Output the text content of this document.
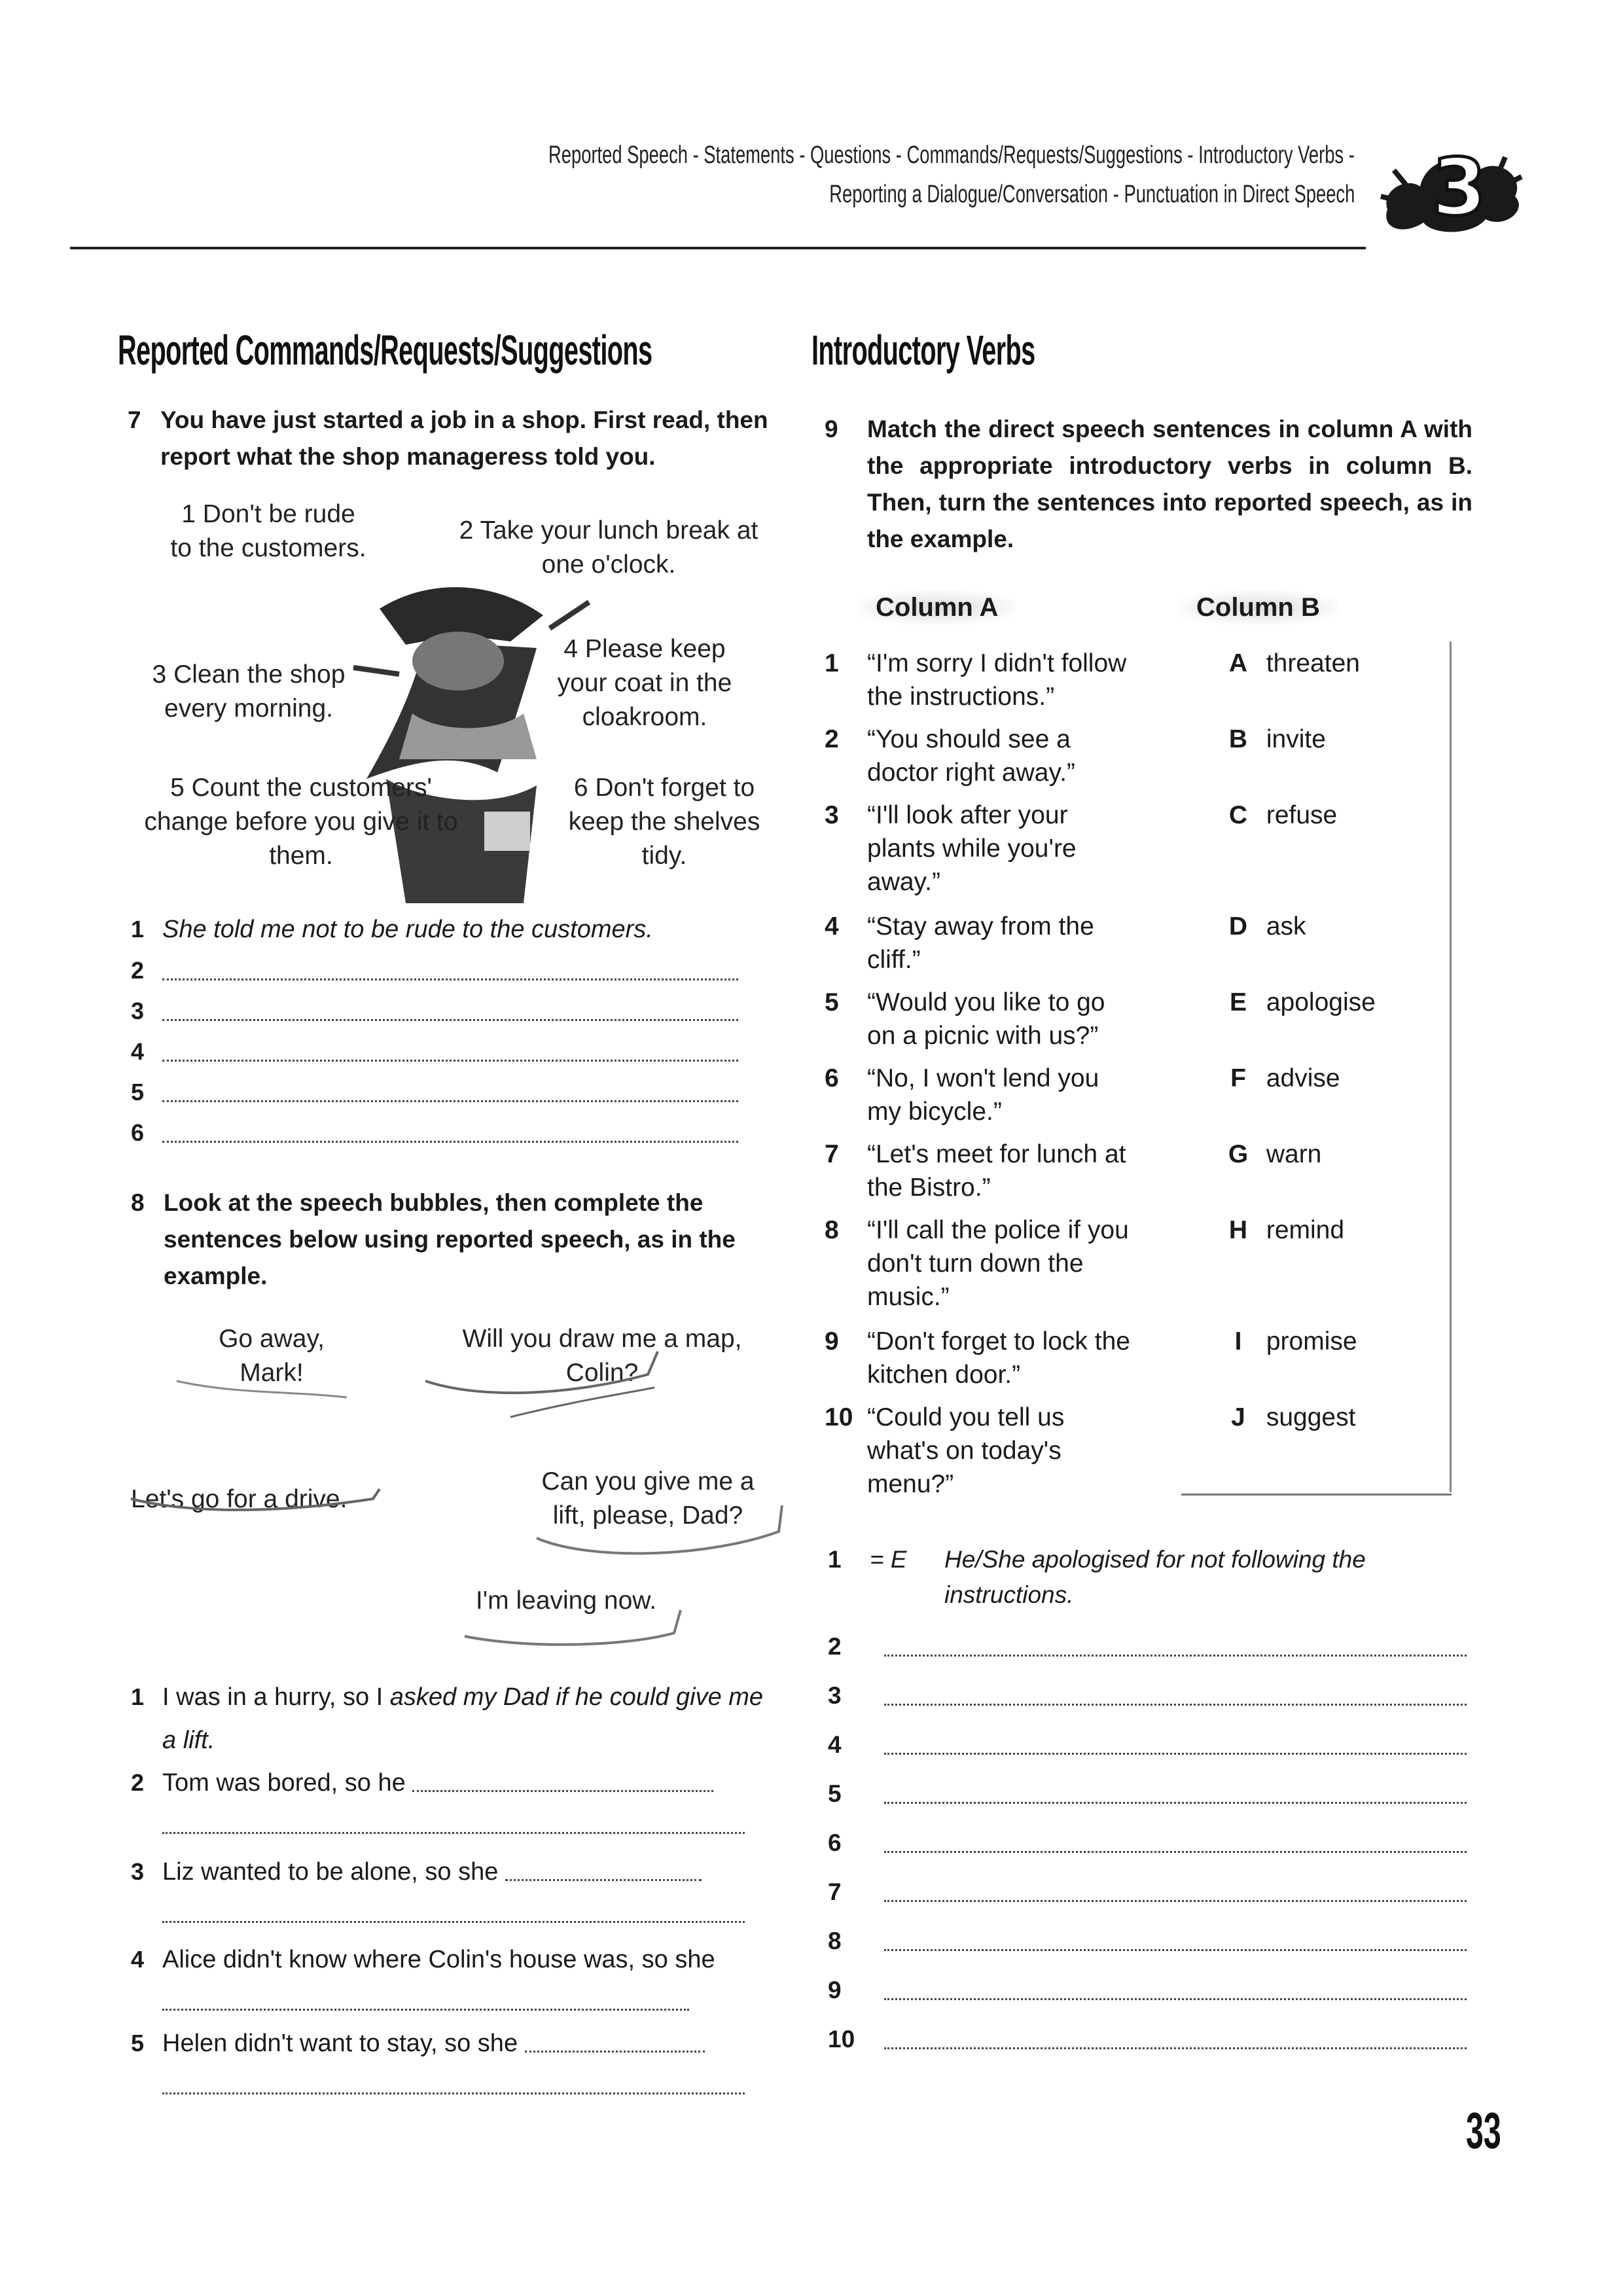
Reported Speech - Statements - Questions - Commands/Requests/Suggestions - Introductory Verbs -
Reporting a Dialogue/Conversation - Punctuation in Direct Speech 3
Reported Commands/Requests/Suggestions
7 You have just started a job in a shop. First read, then report what the shop manageress told you.
1 Don't be rude to the customers.
2 Take your lunch break at one o'clock.
3 Clean the shop every morning.
4 Please keep your coat in the cloakroom.
5 Count the customers' change before you give it to them.
6 Don't forget to keep the shelves tidy.
1 She told me not to be rude to the customers.
2
3
4
5
6
8 Look at the speech bubbles, then complete the sentences below using reported speech, as in the example.
Go away, Mark!
Will you draw me a map, Colin?
Let's go for a drive.
Can you give me a lift, please, Dad?
I'm leaving now.
1 I was in a hurry, so I asked my Dad if he could give me a lift.
2 Tom was bored, so he

3 Liz wanted to be alone, so she

4 Alice didn't know where Colin's house was, so she
5 Helen didn't want to stay, so she

Introductory Verbs
9 Match the direct speech sentences in column A with the appropriate introductory verbs in column B. Then, turn the sentences into reported speech, as in the example.
Column A	Column B
1 “I'm sorry I didn't follow the instructions.”
2 “You should see a doctor right away.”
3 “I'll look after your plants while you're away.”
4 “Stay away from the cliff.”
5 “Would you like to go on a picnic with us?”
6 “No, I won't lend you my bicycle.”
7 “Let's meet for lunch at the Bistro.”
8 “I'll call the police if you don't turn down the music.”
9 “Don't forget to lock the kitchen door.”
10 “Could you tell us what's on today's menu?”
A threaten
B invite
C refuse
D ask
E apologise
F advise
G warn
H remind
I promise
J suggest
1 = E He/She apologised for not following the instructions.
2
3
4
5
6
7
8
9
10
33
